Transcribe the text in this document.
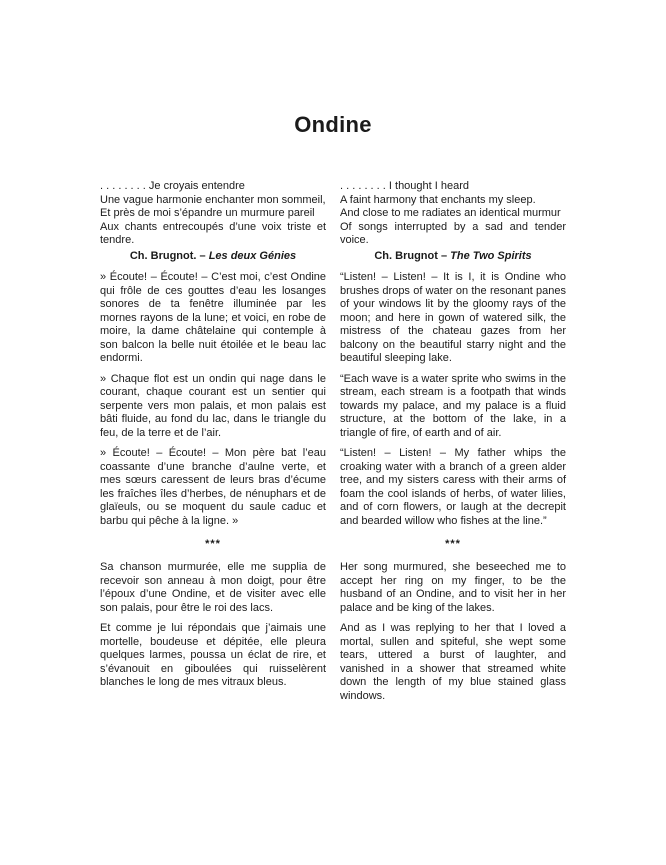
Ondine
. . . . . . . . Je croyais entendre
Une vague harmonie enchanter mon sommeil,
Et près de moi s’épandre un murmure pareil
Aux chants entrecoupés d’une voix triste et tendre.
Ch. Brugnot. – Les deux Génies
. . . . . . . . I thought I heard
A faint harmony that enchants my sleep.
And close to me radiates an identical murmur
Of songs interrupted by a sad and tender voice.
Ch. Brugnot – The Two Spirits

» Écoute! – Écoute! – C’est moi, c’est Ondine qui frôle de ces gouttes d’eau les losanges sonores de ta fenêtre illuminée par les mornes rayons de la lune; et voici, en robe de moire, la dame châtelaine qui contemple à son balcon la belle nuit étoilée et le beau lac endormi.

“Listen! – Listen! – It is I, it is Ondine who brushes drops of water on the resonant panes of your windows lit by the gloomy rays of the moon; and here in gown of watered silk, the mistress of the chateau gazes from her balcony on the beautiful starry night and the beautiful sleeping lake.

» Chaque flot est un ondin qui nage dans le courant, chaque courant est un sentier qui serpente vers mon palais, et mon palais est bâti fluide, au fond du lac, dans le triangle du feu, de la terre et de l’air.

“Each wave is a water sprite who swims in the stream, each stream is a footpath that winds towards my palace, and my palace is a fluid structure, at the bottom of the lake, in a triangle of fire, of earth and of air.

» Écoute! – Écoute! – Mon père bat l’eau coassante d’une branche d’aulne verte, et mes sœurs caressent de leurs bras d’écume les fraîches îles d’herbes, de nénuphars et de glaïeuls, ou se moquent du saule caduc et barbu qui pêche à la ligne. »

“Listen! – Listen! – My father whips the croaking water with a branch of a green alder tree, and my sisters caress with their arms of foam the cool islands of herbs, of water lilies, and of corn flowers, or laugh at the decrepit and bearded willow who fishes at the line.”

***	***

Sa chanson murmurée, elle me supplia de recevoir son anneau à mon doigt, pour être l’époux d’une Ondine, et de visiter avec elle son palais, pour être le roi des lacs.

Her song murmured, she beseeched me to accept her ring on my finger, to be the husband of an Ondine, and to visit her in her palace and be king of the lakes.

Et comme je lui répondais que j’aimais une mortelle, boudeuse et dépitée, elle pleura quelques larmes, poussa un éclat de rire, et s’évanouit en giboulées qui ruisselèrent blanches le long de mes vitraux bleus.

And as I was replying to her that I loved a mortal, sullen and spiteful, she wept some tears, uttered a burst of laughter, and vanished in a shower that streamed white down the length of my blue stained glass windows.
